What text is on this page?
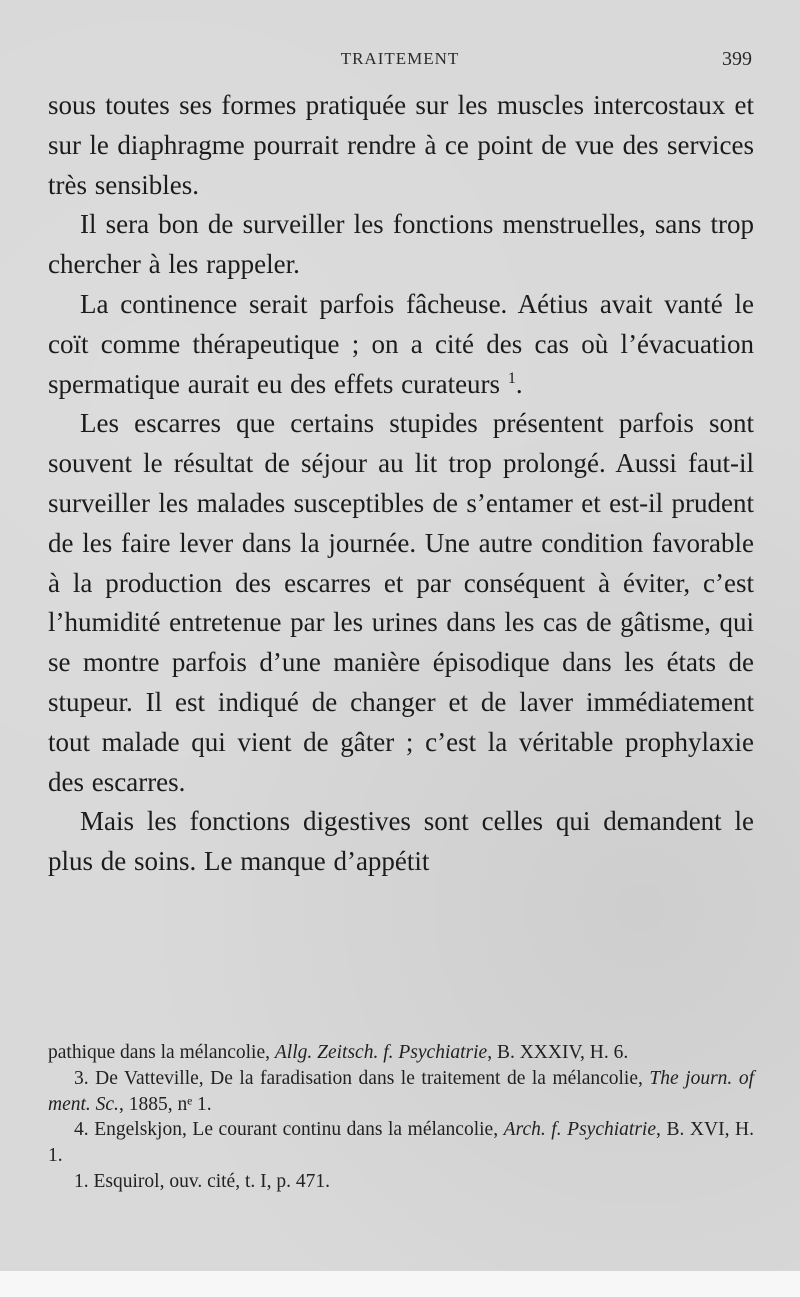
TRAITEMENT	399

sous toutes ses formes pratiquée sur les muscles intercostaux et sur le diaphragme pourrait rendre à ce point de vue des services très sensibles.

Il sera bon de surveiller les fonctions menstruelles, sans trop chercher à les rappeler.

La continence serait parfois fâcheuse. Aétius avait vanté le coït comme thérapeutique ; on a cité des cas où l’évacuation spermatique aurait eu des effets curateurs $^1$.

Les escarres que certains stupides présentent parfois sont souvent le résultat de séjour au lit trop prolongé. Aussi faut-il surveiller les malades susceptibles de s’entamer et est-il prudent de les faire lever dans la journée. Une autre condition favorable à la production des escarres et par conséquent à éviter, c’est l’humidité entretenue par les urines dans les cas de gâtisme, qui se montre parfois d’une manière épisodique dans les états de stupeur. Il est indiqué de changer et de laver immédiatement tout malade qui vient de gâter ; c’est la véritable prophylaxie des escarres.

Mais les fonctions digestives sont celles qui demandent le plus de soins. Le manque d’appétit

pathique dans la mélancolie, Allg. Zeitsch. f. Psychiatrie, B. XXXIV, H. 6.

3. De Vatteville, De la faradisation dans le traitement de la mélancolie, The journ. of ment. Sc., 1885, nᵉ 1.

4. Engelskjon, Le courant continu dans la mélancolie, Arch. f. Psychiatrie, B. XVI, H. 1.

1. Esquirol, ouv. cité, t. I, p. 471.
